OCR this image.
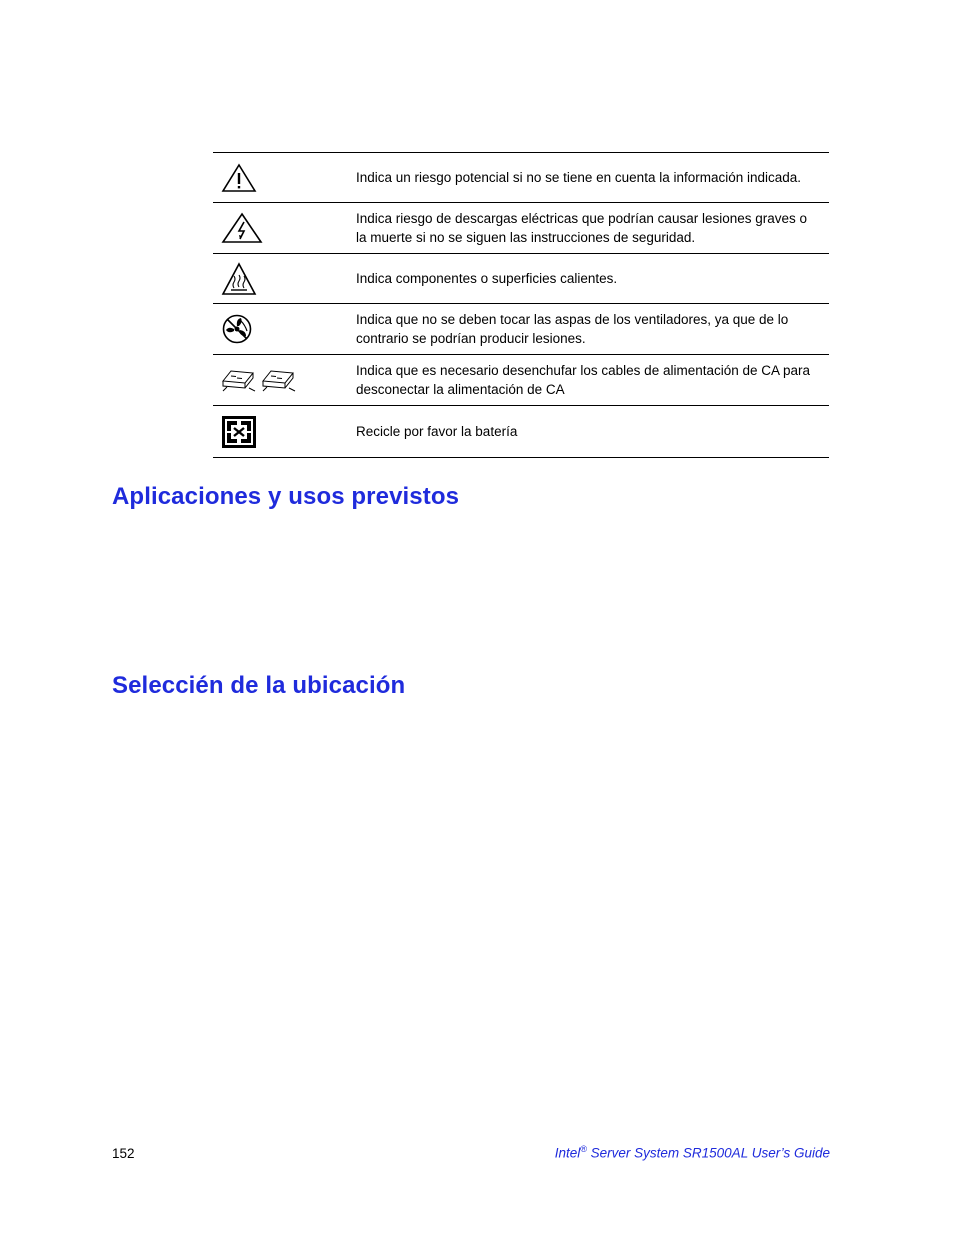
	Indica un riesgo potencial si no se tiene en cuenta la información indicada.

	Indica riesgo de descargas eléctricas que podrían causar lesiones graves o la muerte si no se siguen las instrucciones de seguridad.

	Indica componentes o superficies calientes.

	Indica que no se deben tocar las aspas de los ventiladores, ya que de lo contrario se podrían producir lesiones.

	Indica que es necesario desenchufar los cables de alimentación de CA para desconectar la alimentación de CA

	Recicle por favor la batería
Aplicaciones y usos previstos
Seleccién de la ubicación
152	Intel® Server System SR1500AL User’s Guide
